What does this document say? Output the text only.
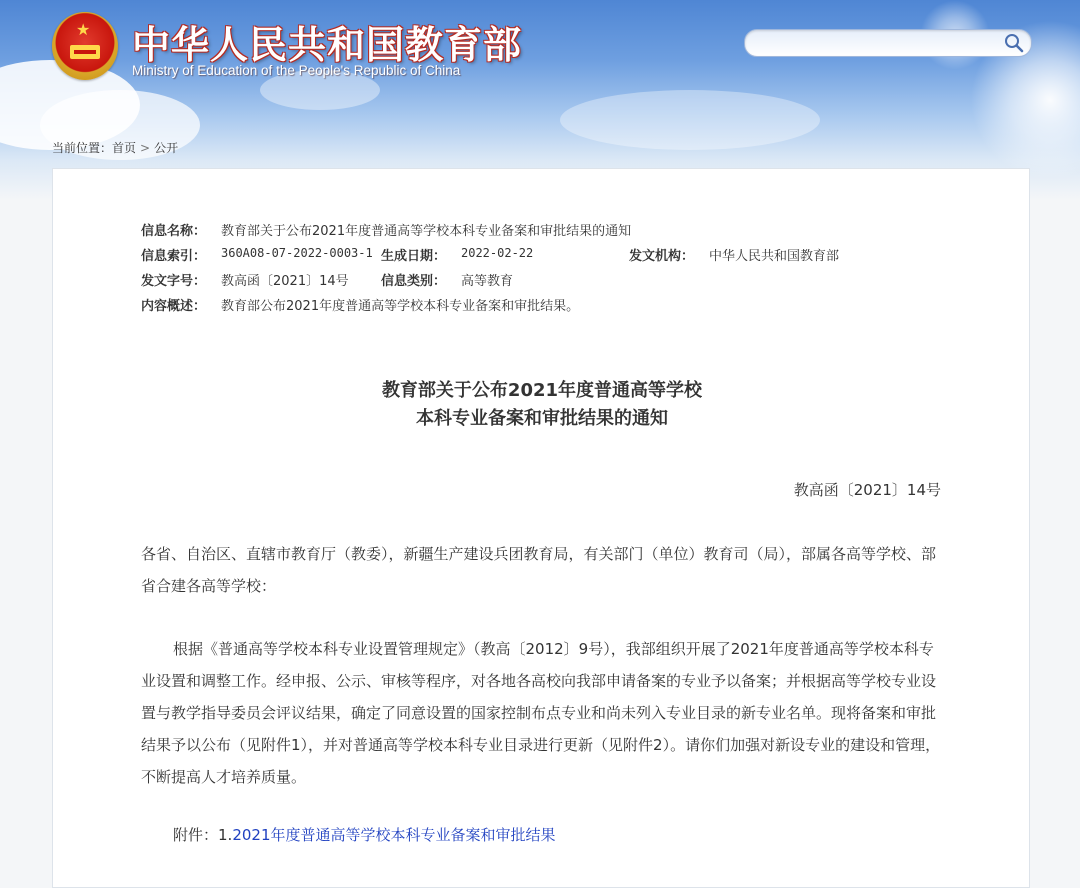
★ 中华人民共和国教育部
Ministry of Education of the People's Republic of China
当前位置：首页 > 公开
信息名称： 教育部关于公布2021年度普通高等学校本科专业备案和审批结果的通知
信息索引： 360A08-07-2022-0003-1 生成日期： 2022-02-22	发文机构： 中华人民共和国教育部
发文字号： 教高函〔2021〕14号 信息类别： 高等教育
内容概述： 教育部公布2021年度普通高等学校本科专业备案和审批结果。
教育部关于公布2021年度普通高等学校
本科专业备案和审批结果的通知
教高函〔2021〕14号
各省、自治区、直辖市教育厅（教委），新疆生产建设兵团教育局，有关部门（单位）教育司（局），部属各高等学校、部省合建各高等学校：
根据《普通高等学校本科专业设置管理规定》（教高〔2012〕9号），我部组织开展了2021年度普通高等学校本科专业设置和调整工作。经申报、公示、审核等程序，对各地各高校向我部申请备案的专业予以备案；并根据高等学校专业设置与教学指导委员会评议结果，确定了同意设置的国家控制布点专业和尚未列入专业目录的新专业名单。现将备案和审批结果予以公布（见附件1），并对普通高等学校本科专业目录进行更新（见附件2）。请你们加强对新设专业的建设和管理，不断提高人才培养质量。
附件：1.2021年度普通高等学校本科专业备案和审批结果
